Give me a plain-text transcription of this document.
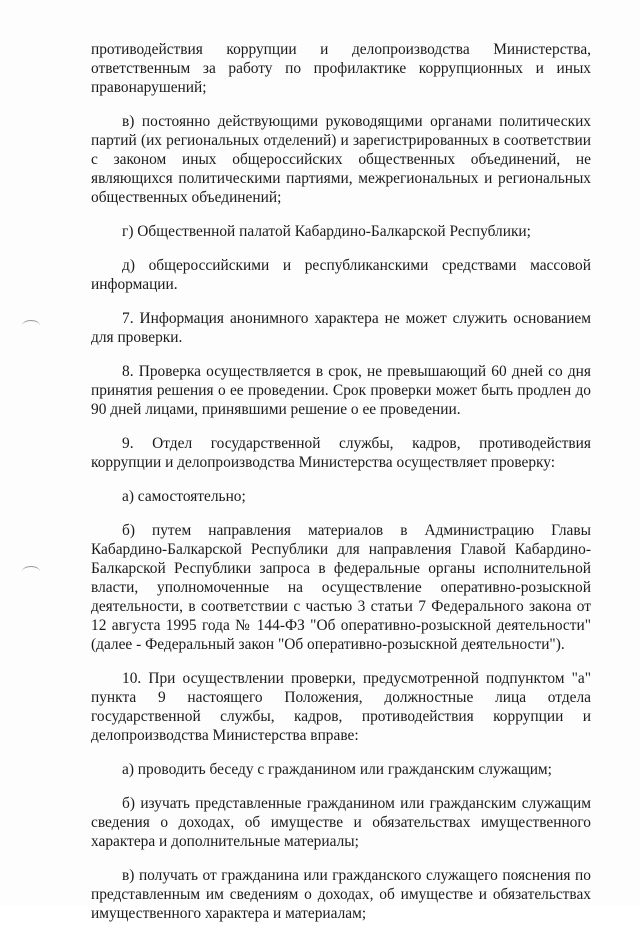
противодействия коррупции и делопроизводства Министерства, ответственным за работу по профилактике коррупционных и иных правонарушений;

в) постоянно действующими руководящими органами политических партий (их региональных отделений) и зарегистрированных в соответствии с законом иных общероссийских общественных объединений, не являющихся политическими партиями, межрегиональных и региональных общественных объединений;

г) Общественной палатой Кабардино-Балкарской Республики;

д) общероссийскими и республиканскими средствами массовой информации.

7. Информация анонимного характера не может служить основанием для проверки.

8. Проверка осуществляется в срок, не превышающий 60 дней со дня принятия решения о ее проведении. Срок проверки может быть продлен до 90 дней лицами, принявшими решение о ее проведении.

9. Отдел государственной службы, кадров, противодействия коррупции и делопроизводства Министерства осуществляет проверку:

а) самостоятельно;

б) путем направления материалов в Администрацию Главы Кабардино-Балкарской Республики для направления Главой Кабардино-Балкарской Республики запроса в федеральные органы исполнительной власти, уполномоченные на осуществление оперативно-розыскной деятельности, в соответствии с частью 3 статьи 7 Федерального закона от 12 августа 1995 года № 144-ФЗ "Об оперативно-розыскной деятельности" (далее - Федеральный закон "Об оперативно-розыскной деятельности").

10. При осуществлении проверки, предусмотренной подпунктом "а" пункта 9 настоящего Положения, должностные лица отдела государственной службы, кадров, противодействия коррупции и делопроизводства Министерства вправе:

а) проводить беседу с гражданином или гражданским служащим;

б) изучать представленные гражданином или гражданским служащим сведения о доходах, об имуществе и обязательствах имущественного характера и дополнительные материалы;

в) получать от гражданина или гражданского служащего пояснения по представленным им сведениям о доходах, об имуществе и обязательствах имущественного характера и материалам;
